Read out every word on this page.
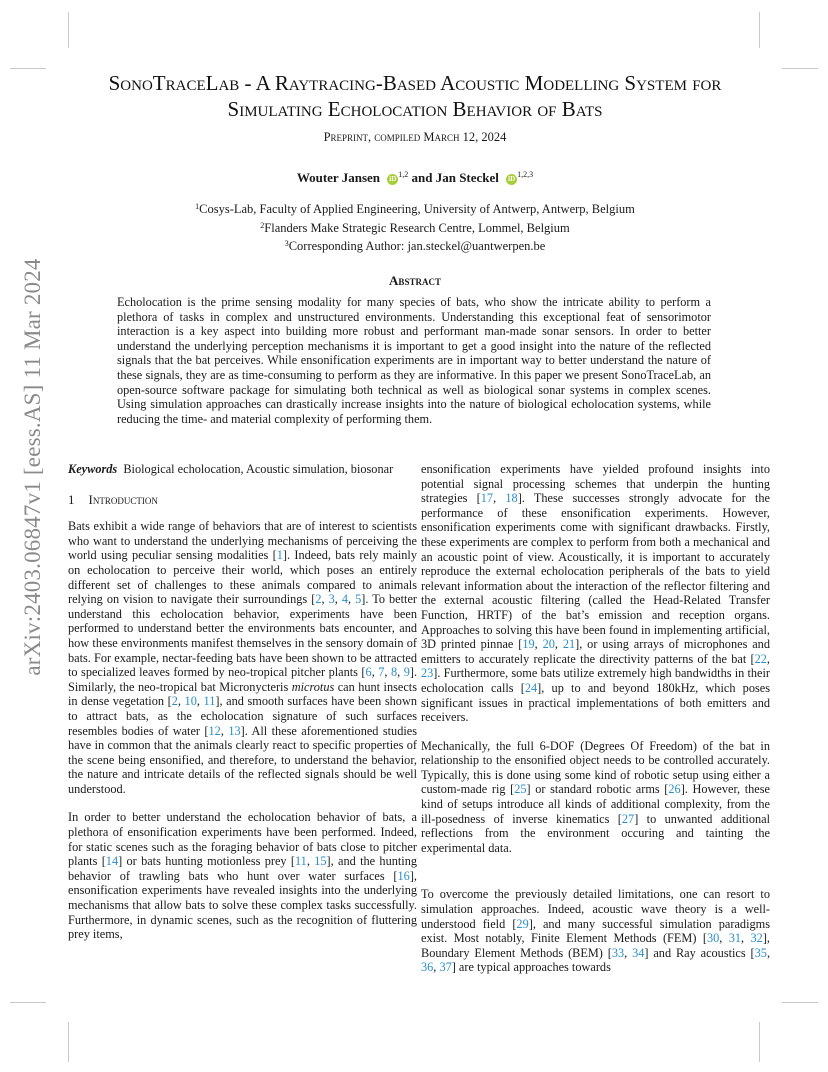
arXiv:2403.06847v1 [eess.AS] 11 Mar 2024
SonoTraceLab - A Raytracing-Based Acoustic Modelling System for Simulating Echolocation Behavior of Bats
Preprint, compiled March 12, 2024
Wouter Jansen iD $^{1,2}$ and Jan Steckel iD $^{1,2,3}$
$^1$Cosys-Lab, Faculty of Applied Engineering, University of Antwerp, Antwerp, Belgium
$^2$Flanders Make Strategic Research Centre, Lommel, Belgium
$^3$Corresponding Author: jan.steckel@uantwerpen.be
Abstract
Echolocation is the prime sensing modality for many species of bats, who show the intricate ability to perform a plethora of tasks in complex and unstructured environments. Understanding this exceptional feat of sensorimotor interaction is a key aspect into building more robust and performant man-made sonar sensors. In order to better understand the underlying perception mechanisms it is important to get a good insight into the nature of the reflected signals that the bat perceives. While ensonification experiments are in important way to better understand the nature of these signals, they are as time-consuming to perform as they are informative. In this paper we present SonoTraceLab, an open-source software package for simulating both technical as well as biological sonar systems in complex scenes. Using simulation approaches can drastically increase insights into the nature of biological echolocation systems, while reducing the time- and material complexity of performing them.

Keywords Biological echolocation, Acoustic simulation, biosonar

1 Introduction

Bats exhibit a wide range of behaviors that are of interest to scientists who want to understand the underlying mechanisms of perceiving the world using peculiar sensing modalities [1]. Indeed, bats rely mainly on echolocation to perceive their world, which poses an entirely different set of challenges to these animals compared to animals relying on vision to navigate their surroundings [2, 3, 4, 5]. To better understand this echolocation behavior, experiments have been performed to understand better the environments bats encounter, and how these environments manifest themselves in the sensory domain of bats. For example, nectar-feeding bats have been shown to be attracted to specialized leaves formed by neo-tropical pitcher plants [6, 7, 8, 9]. Similarly, the neo-tropical bat Micronycteris microtus can hunt insects in dense vegetation [2, 10, 11], and smooth surfaces have been shown to attract bats, as the echolocation signature of such surfaces resembles bodies of water [12, 13]. All these aforementioned studies have in common that the animals clearly react to specific properties of the scene being ensonified, and therefore, to understand the behavior, the nature and intricate details of the reflected signals should be well understood.

In order to better understand the echolocation behavior of bats, a plethora of ensonification experiments have been performed. Indeed, for static scenes such as the foraging behavior of bats close to pitcher plants [14] or bats hunting motionless prey [11, 15], and the hunting behavior of trawling bats who hunt over water surfaces [16], ensonification experiments have revealed insights into the underlying mechanisms that allow bats to solve these complex tasks successfully. Furthermore, in dynamic scenes, such as the recognition of fluttering prey items,

ensonification experiments have yielded profound insights into potential signal processing schemes that underpin the hunting strategies [17, 18]. These successes strongly advocate for the performance of these ensonification experiments. However, ensonification experiments come with significant drawbacks. Firstly, these experiments are complex to perform from both a mechanical and an acoustic point of view. Acoustically, it is important to accurately reproduce the external echolocation peripherals of the bats to yield relevant information about the interaction of the reflector filtering and the external acoustic filtering (called the Head-Related Transfer Function, HRTF) of the bat’s emission and reception organs. Approaches to solving this have been found in implementing artificial, 3D printed pinnae [19, 20, 21], or using arrays of microphones and emitters to accurately replicate the directivity patterns of the bat [22, 23]. Furthermore, some bats utilize extremely high bandwidths in their echolocation calls [24], up to and beyond 180kHz, which poses significant issues in practical implementations of both emitters and receivers.

Mechanically, the full 6-DOF (Degrees Of Freedom) of the bat in relationship to the ensonified object needs to be controlled accurately. Typically, this is done using some kind of robotic setup using either a custom-made rig [25] or standard robotic arms [26]. However, these kind of setups introduce all kinds of additional complexity, from the ill-posedness of inverse kinematics [27] to unwanted additional reflections from the environment occuring and tainting the experimental data.

To overcome the previously detailed limitations, one can resort to simulation approaches. Indeed, acoustic wave theory is a well-understood field [29], and many successful simulation paradigms exist. Most notably, Finite Element Methods (FEM) [30, 31, 32], Boundary Element Methods (BEM) [33, 34] and Ray acoustics [35, 36, 37] are typical approaches towards
